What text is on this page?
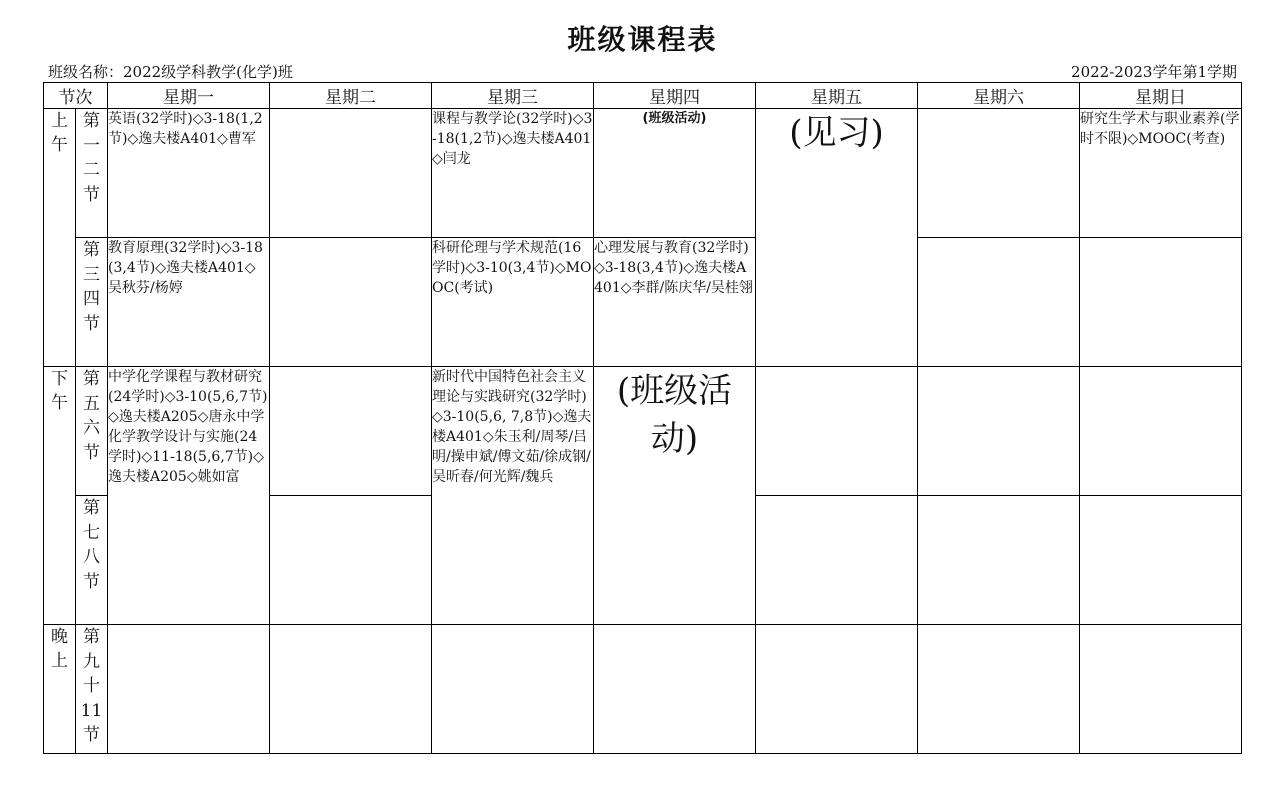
班级课程表
班级名称：2022级学科教学(化学)班	2022-2023学年第1学期
节次		星期一	星期二	星期三	星期四	星期五	星期六	星期日
上午	第一二节	英语(32学时)◇3-18(1,2节)◇逸夫楼A401◇曹军		课程与教学论(32学时)◇3-18(1,2节)◇逸夫楼A401◇闫龙	(班级活动)	(见习)		研究生学术与职业素养(学时不限)◇MOOC(考查)
	第三四节	教育原理(32学时)◇3-18(3,4节)◇逸夫楼A401◇吴秋芬/杨婷		科研伦理与学术规范(16学时)◇3-10(3,4节)◇MOOC(考试)	心理发展与教育(32学时)◇3-18(3,4节)◇逸夫楼A401◇李群/陈庆华/吴桂翎			
下午	第五六节	中学化学课程与教材研究(24学时)◇3-10(5,6,7节)◇逸夫楼A205◇唐永中学化学教学设计与实施(24学时)◇11-18(5,6,7节)◇逸夫楼A205◇姚如富		新时代中国特色社会主义理论与实践研究(32学时)◇3-10(5,6, 7,8节)◇逸夫楼A401◇朱玉利/周琴/吕明/操申斌/傅文茹/徐成钢/吴昕春/何光辉/魏兵	(班级活动)			

	第七八节							
晚上	第九十11节							
